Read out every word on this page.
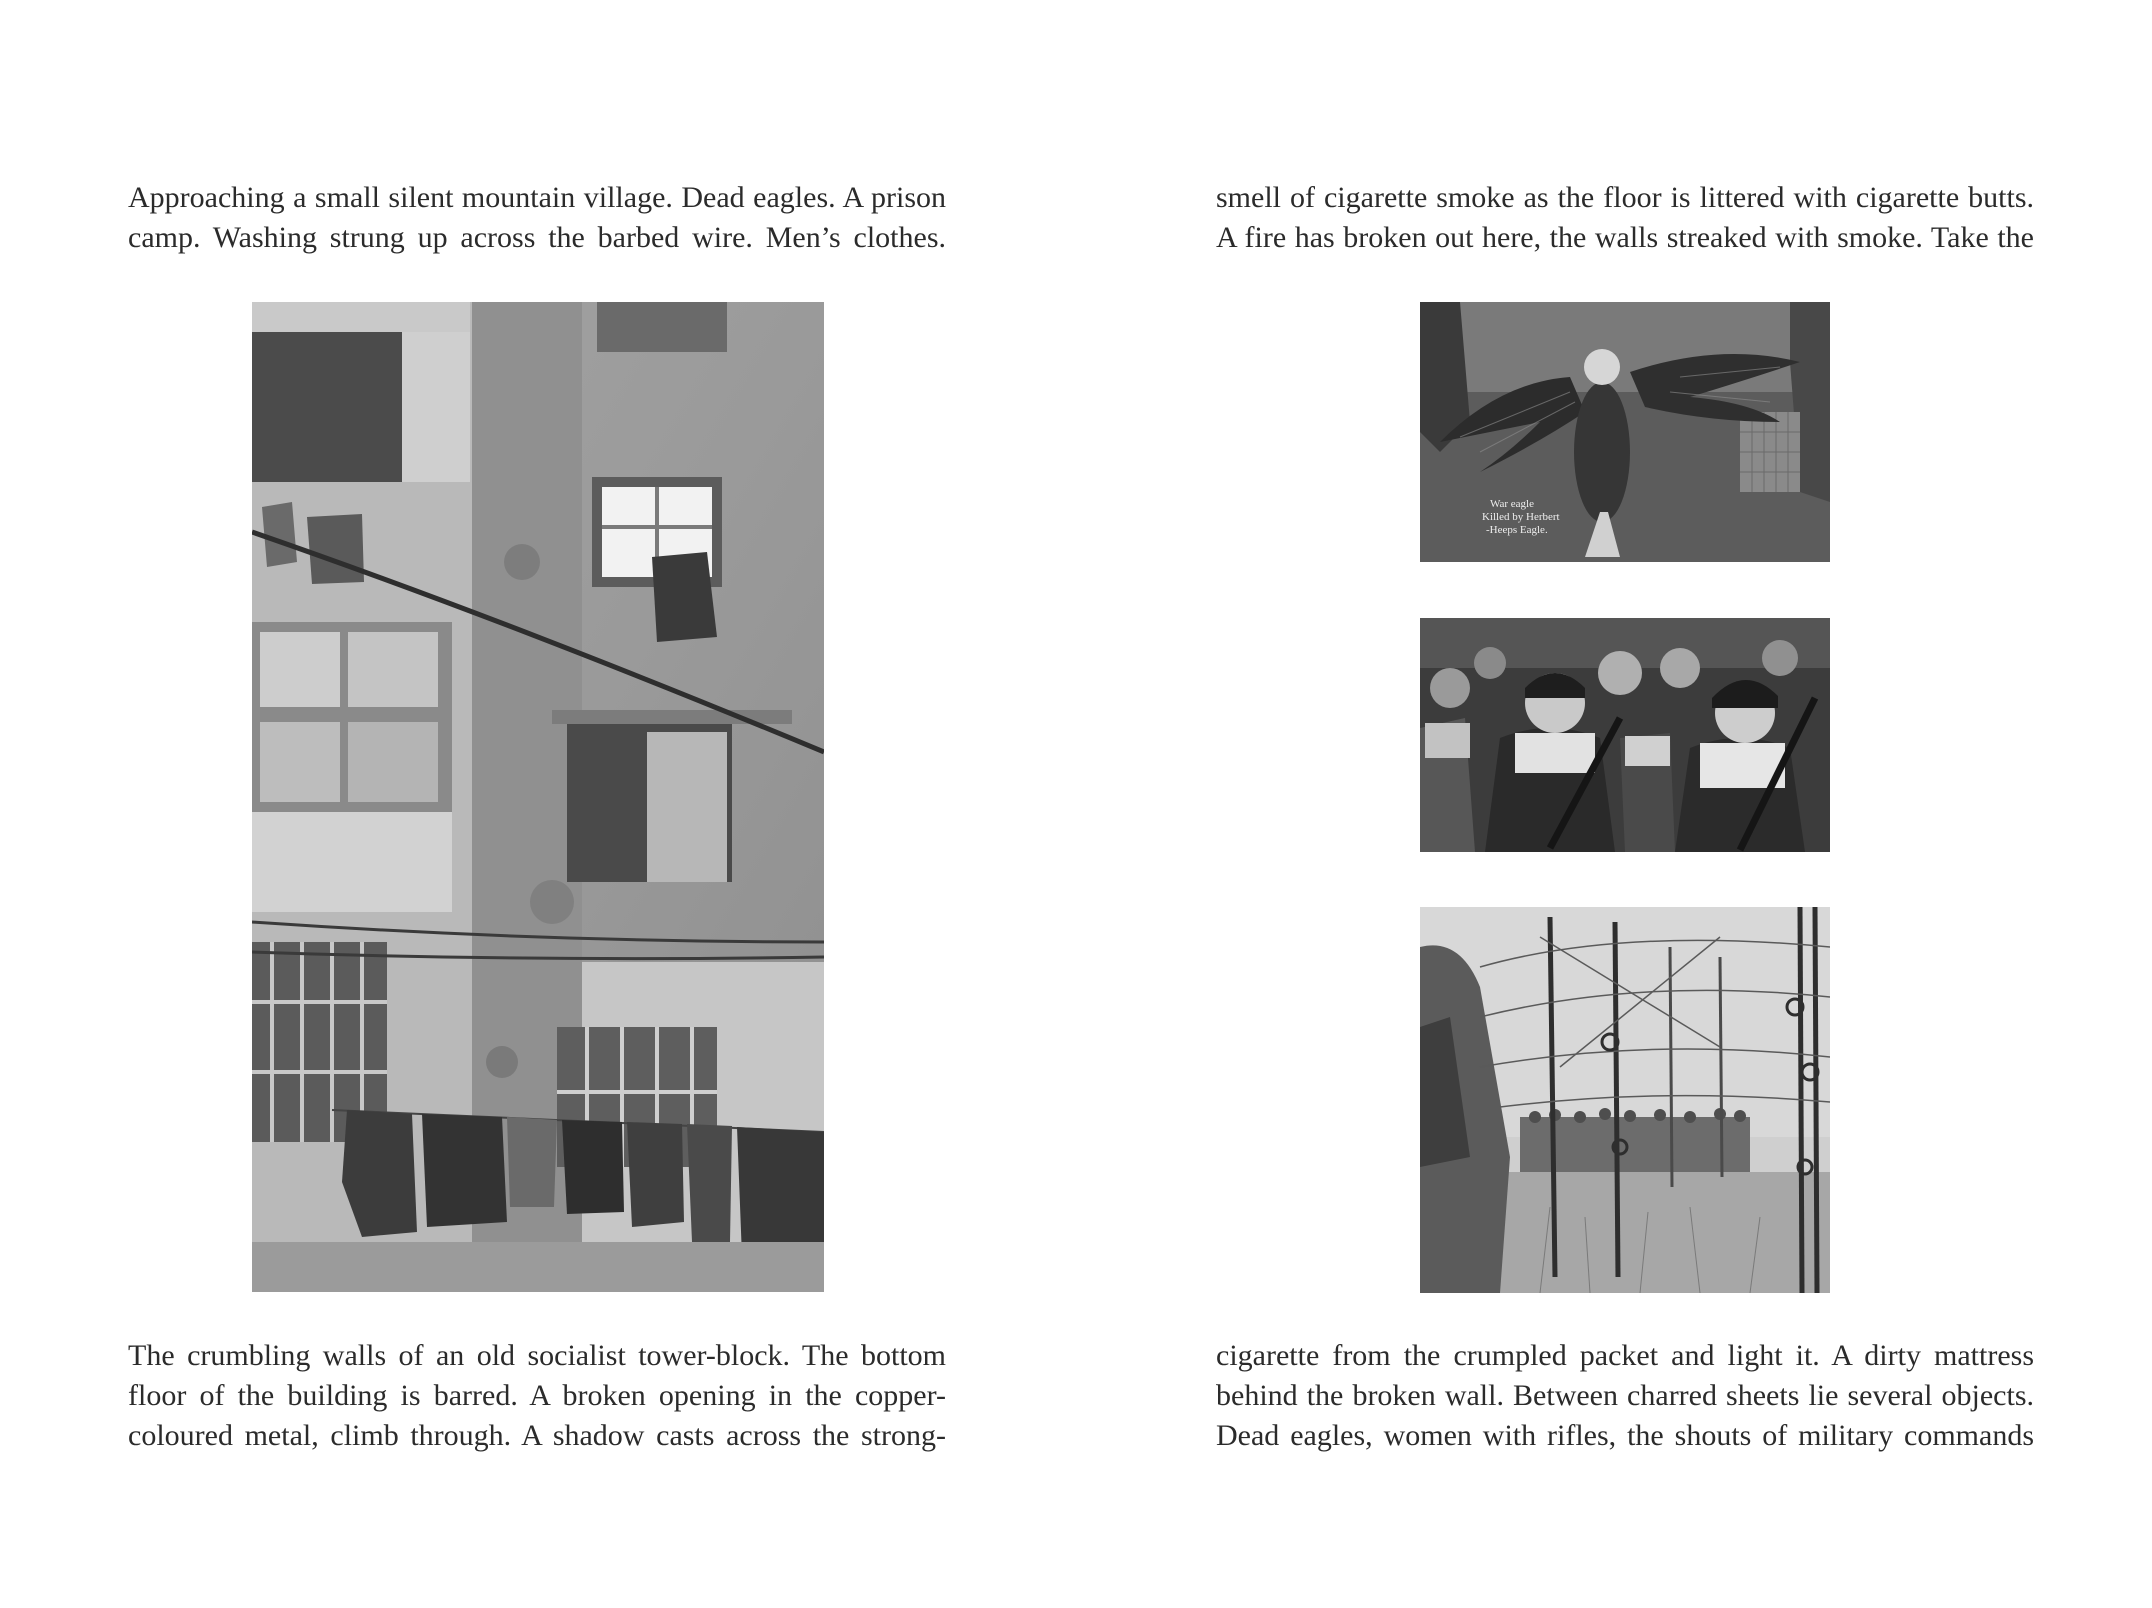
Approaching a small silent mountain village. Dead eagles. A prison
camp. Washing strung up across the barbed wire. Men’s clothes.

The crumbling walls of an old socialist tower-block. The bottom
floor of the building is barred. A broken opening in the copper-
coloured metal, climb through. A shadow casts across the strong-

smell of cigarette smoke as the floor is littered with cigarette butts.
A fire has broken out here, the walls streaked with smoke. Take the

War eagle
Killed by Herbert
-Heeps Eagle.

cigarette from the crumpled packet and light it. A dirty mattress
behind the broken wall. Between charred sheets lie several objects.
Dead eagles, women with rifles, the shouts of military commands
